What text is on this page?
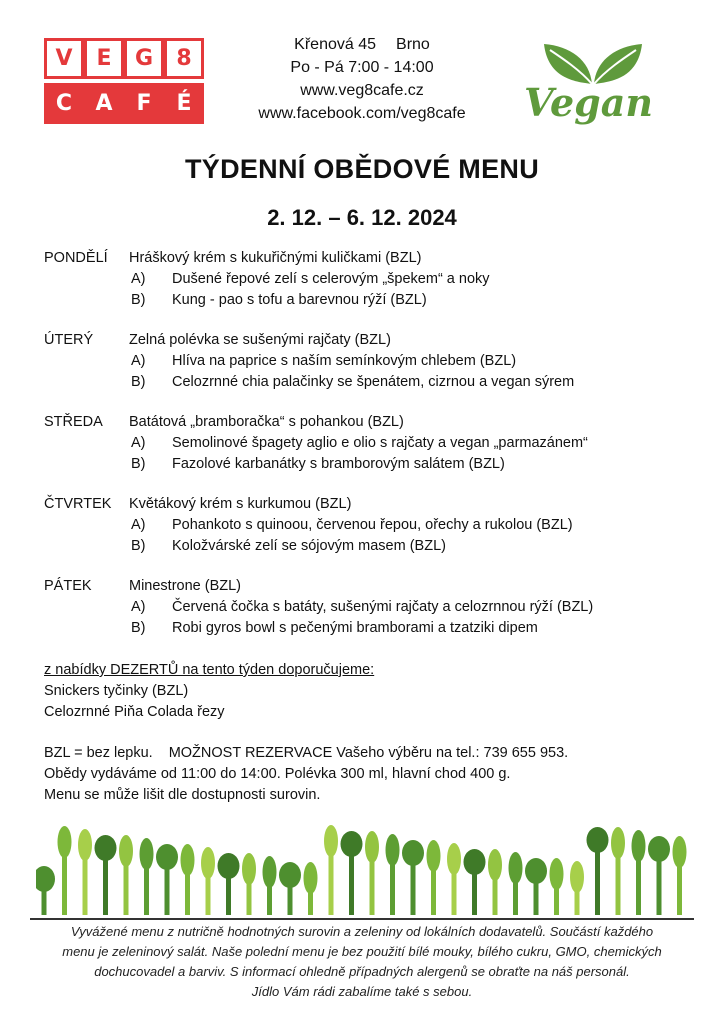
V	E	G	8
C	A	F	É
Křenová 45 Brno
Po - Pá 7:00 - 14:00
www.veg8cafe.cz
www.facebook.com/veg8cafe	Vegan
TÝDENNÍ OBĚDOVÉ MENU
2. 12. – 6. 12. 2024
PONDĚLÍ Hráškový krém s kukuřičnými kuličkami (BZL)
A) Dušené řepové zelí s celerovým „špekem“ a noky
B) Kung - pao s tofu a barevnou rýží (BZL)
ÚTERÝ Zelná polévka se sušenými rajčaty (BZL)
A) Hlíva na paprice s naším semínkovým chlebem (BZL)
B) Celozrnné chia palačinky se špenátem, cizrnou a vegan sýrem
STŘEDA Batátová „bramboračka“ s pohankou (BZL)
A) Semolinové špagety aglio e olio s rajčaty a vegan „parmazánem“
B) Fazolové karbanátky s bramborovým salátem (BZL)
ČTVRTEK Květákový krém s kurkumou (BZL)
A) Pohankoto s quinoou, červenou řepou, ořechy a rukolou (BZL)
B) Koložvárské zelí se sójovým masem (BZL)
PÁTEK	Minestrone (BZL)
A) Červená čočka s batáty, sušenými rajčaty a celozrnnou rýží (BZL)
B) Robi gyros bowl s pečenými bramborami a tzatziki dipem
z nabídky DEZERTŮ na tento týden doporučujeme:
Snickers tyčinky (BZL)
Celozrnné Piňa Colada řezy
BZL = bez lepku. MOŽNOST REZERVACE Vašeho výběru na tel.: 739 655 953.
Obědy vydáváme od 11:00 do 14:00. Polévka 300 ml, hlavní chod 400 g.
Menu se může lišit dle dostupnosti surovin.
Vyvážené menu z nutričně hodnotných surovin a zeleniny od lokálních dodavatelů. Součástí každého
menu je zeleninový salát. Naše polední menu je bez použití bílé mouky, bílého cukru, GMO, chemických
dochucovadel a barviv. S informací ohledně případných alergenů se obraťte na náš personál.
Jídlo Vám rádi zabalíme také s sebou.
